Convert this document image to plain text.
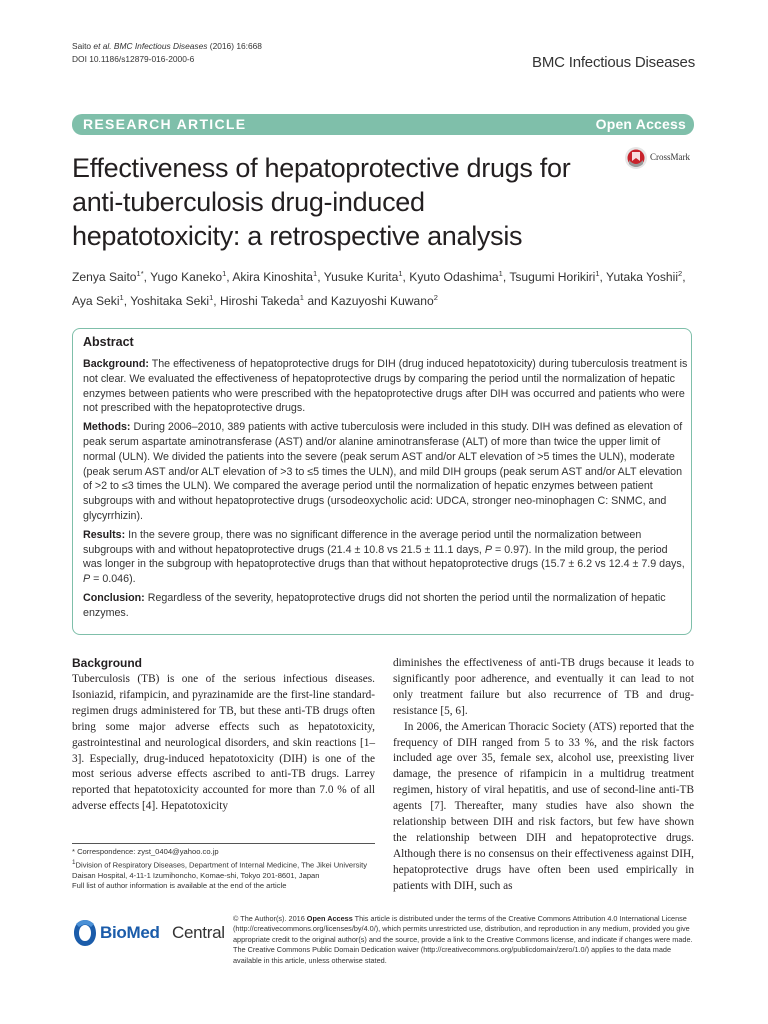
Saito et al. BMC Infectious Diseases (2016) 16:668
DOI 10.1186/s12879-016-2000-6	BMC Infectious Diseases
RESEARCH ARTICLE	Open Access
Effectiveness of hepatoprotective drugs for
anti-tuberculosis drug-induced
hepatotoxicity: a retrospective analysis
CrossMark
Zenya Saito$^{1*}$, Yugo Kaneko$^1$, Akira Kinoshita$^1$, Yusuke Kurita$^1$, Kyuto Odashima$^1$, Tsugumi Horikiri$^1$, Yutaka Yoshii$^2$,
Aya Seki$^1$, Yoshitaka Seki$^1$, Hiroshi Takeda$^1$ and Kazuyoshi Kuwano$^2$
Abstract

Background: The effectiveness of hepatoprotective drugs for DIH (drug induced hepatotoxicity) during tuberculosis treatment is not clear. We evaluated the effectiveness of hepatoprotective drugs by comparing the period until the normalization of hepatic enzymes between patients who were prescribed with the hepatoprotective drugs after DIH was occurred and patients who were not prescribed with the hepatoprotective drugs.

Methods: During 2006–2010, 389 patients with active tuberculosis were included in this study. DIH was defined as elevation of peak serum aspartate aminotransferase (AST) and/or alanine aminotransferase (ALT) of more than twice the upper limit of normal (ULN). We divided the patients into the severe (peak serum AST and/or ALT elevation of >5 times the ULN), moderate (peak serum AST and/or ALT elevation of >3 to ≤5 times the ULN), and mild DIH groups (peak serum AST and/or ALT elevation of >2 to ≤3 times the ULN). We compared the average period until the normalization of hepatic enzymes between patient subgroups with and without hepatoprotective drugs (ursodeoxycholic acid: UDCA, stronger neo-minophagen C: SNMC, and glycyrrhizin).

Results: In the severe group, there was no significant difference in the average period until the normalization between subgroups with and without hepatoprotective drugs (21.4 ± 10.8 vs 21.5 ± 11.1 days, P = 0.97). In the mild group, the period was longer in the subgroup with hepatoprotective drugs than that without hepatoprotective drugs (15.7 ± 6.2 vs 12.4 ± 7.9 days, P = 0.046).

Conclusion: Regardless of the severity, hepatoprotective drugs did not shorten the period until the normalization of hepatic enzymes.

Background

Tuberculosis (TB) is one of the serious infectious diseases. Isoniazid, rifampicin, and pyrazinamide are the first-line standard-regimen drugs administered for TB, but these anti-TB drugs often bring some major adverse effects such as hepatotoxicity, gastrointestinal and neurological disorders, and skin reactions [1–3]. Especially, drug-induced hepatotoxicity (DIH) is one of the most serious adverse effects ascribed to anti-TB drugs. Larrey reported that hepatotoxicity accounted for more than 7.0 % of all adverse effects [4]. Hepatotoxicity

diminishes the effectiveness of anti-TB drugs because it leads to significantly poor adherence, and eventually it can lead to not only treatment failure but also recurrence of TB and drug-resistance [5, 6].

In 2006, the American Thoracic Society (ATS) reported that the frequency of DIH ranged from 5 to 33 %, and the risk factors included age over 35, female sex, alcohol use, preexisting liver damage, the presence of rifampicin in a multidrug treatment regimen, history of viral hepatitis, and use of second-line anti-TB agents [7]. Thereafter, many studies have also shown the relationship between DIH and risk factors, but few have shown the relationship between DIH and hepatoprotective drugs. Although there is no consensus on their effectiveness against DIH, hepatoprotective drugs have often been used empirically in patients with DIH, such as

* Correspondence: zyst_0404@yahoo.co.jp

$^1$Division of Respiratory Diseases, Department of Internal Medicine, The Jikei University Daisan Hospital, 4-11-1 Izumihoncho, Komae-shi, Tokyo 201-8601, Japan

Full list of author information is available at the end of the article

BioMed Central
© The Author(s). 2016 Open Access This article is distributed under the terms of the Creative Commons Attribution 4.0 International License (http://creativecommons.org/licenses/by/4.0/), which permits unrestricted use, distribution, and reproduction in any medium, provided you give appropriate credit to the original author(s) and the source, provide a link to the Creative Commons license, and indicate if changes were made. The Creative Commons Public Domain Dedication waiver (http://creativecommons.org/publicdomain/zero/1.0/) applies to the data made available in this article, unless otherwise stated.
